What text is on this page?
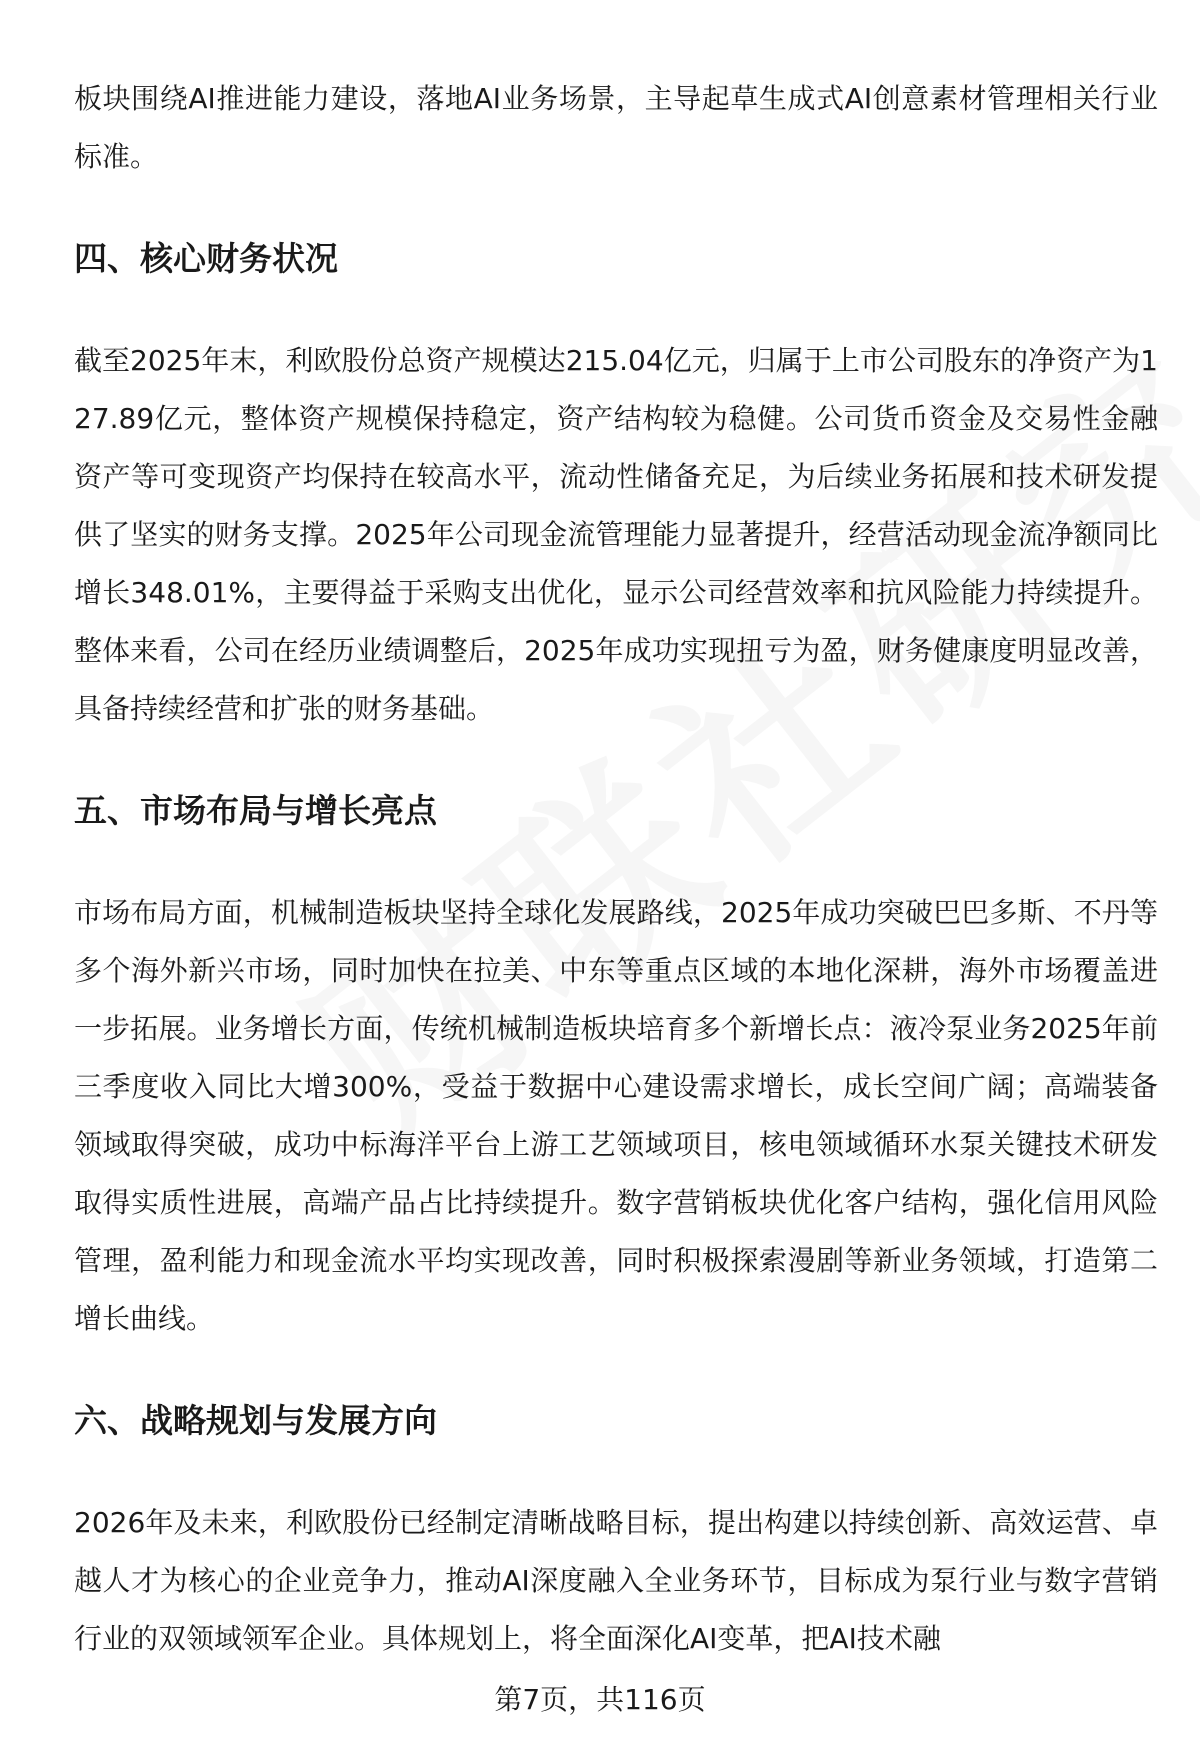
板块围绕AI推进能力建设，落地AI业务场景，主导起草生成式AI创意素材管理相关行业标准。

四、核心财务状况

截至2025年末，利欧股份总资产规模达215.04亿元，归属于上市公司股东的净资产为127.89亿元，整体资产规模保持稳定，资产结构较为稳健。公司货币资金及交易性金融资产等可变现资产均保持在较高水平，流动性储备充足，为后续业务拓展和技术研发提供了坚实的财务支撑。2025年公司现金流管理能力显著提升，经营活动现金流净额同比增长348.01%，主要得益于采购支出优化，显示公司经营效率和抗风险能力持续提升。整体来看，公司在经历业绩调整后，2025年成功实现扭亏为盈，财务健康度明显改善，具备持续经营和扩张的财务基础。

五、市场布局与增长亮点

市场布局方面，机械制造板块坚持全球化发展路线，2025年成功突破巴巴多斯、不丹等多个海外新兴市场，同时加快在拉美、中东等重点区域的本地化深耕，海外市场覆盖进一步拓展。业务增长方面，传统机械制造板块培育多个新增长点：液冷泵业务2025年前三季度收入同比大增300%，受益于数据中心建设需求增长，成长空间广阔；高端装备领域取得突破，成功中标海洋平台上游工艺领域项目，核电领域循环水泵关键技术研发取得实质性进展，高端产品占比持续提升。数字营销板块优化客户结构，强化信用风险管理，盈利能力和现金流水平均实现改善，同时积极探索漫剧等新业务领域，打造第二增长曲线。

六、战略规划与发展方向

2026年及未来，利欧股份已经制定清晰战略目标，提出构建以持续创新、高效运营、卓越人才为核心的企业竞争力，推动AI深度融入全业务环节，目标成为泵行业与数字营销行业的双领域领军企业。具体规划上，将全面深化AI变革，把AI技术融

第7页，共116页
